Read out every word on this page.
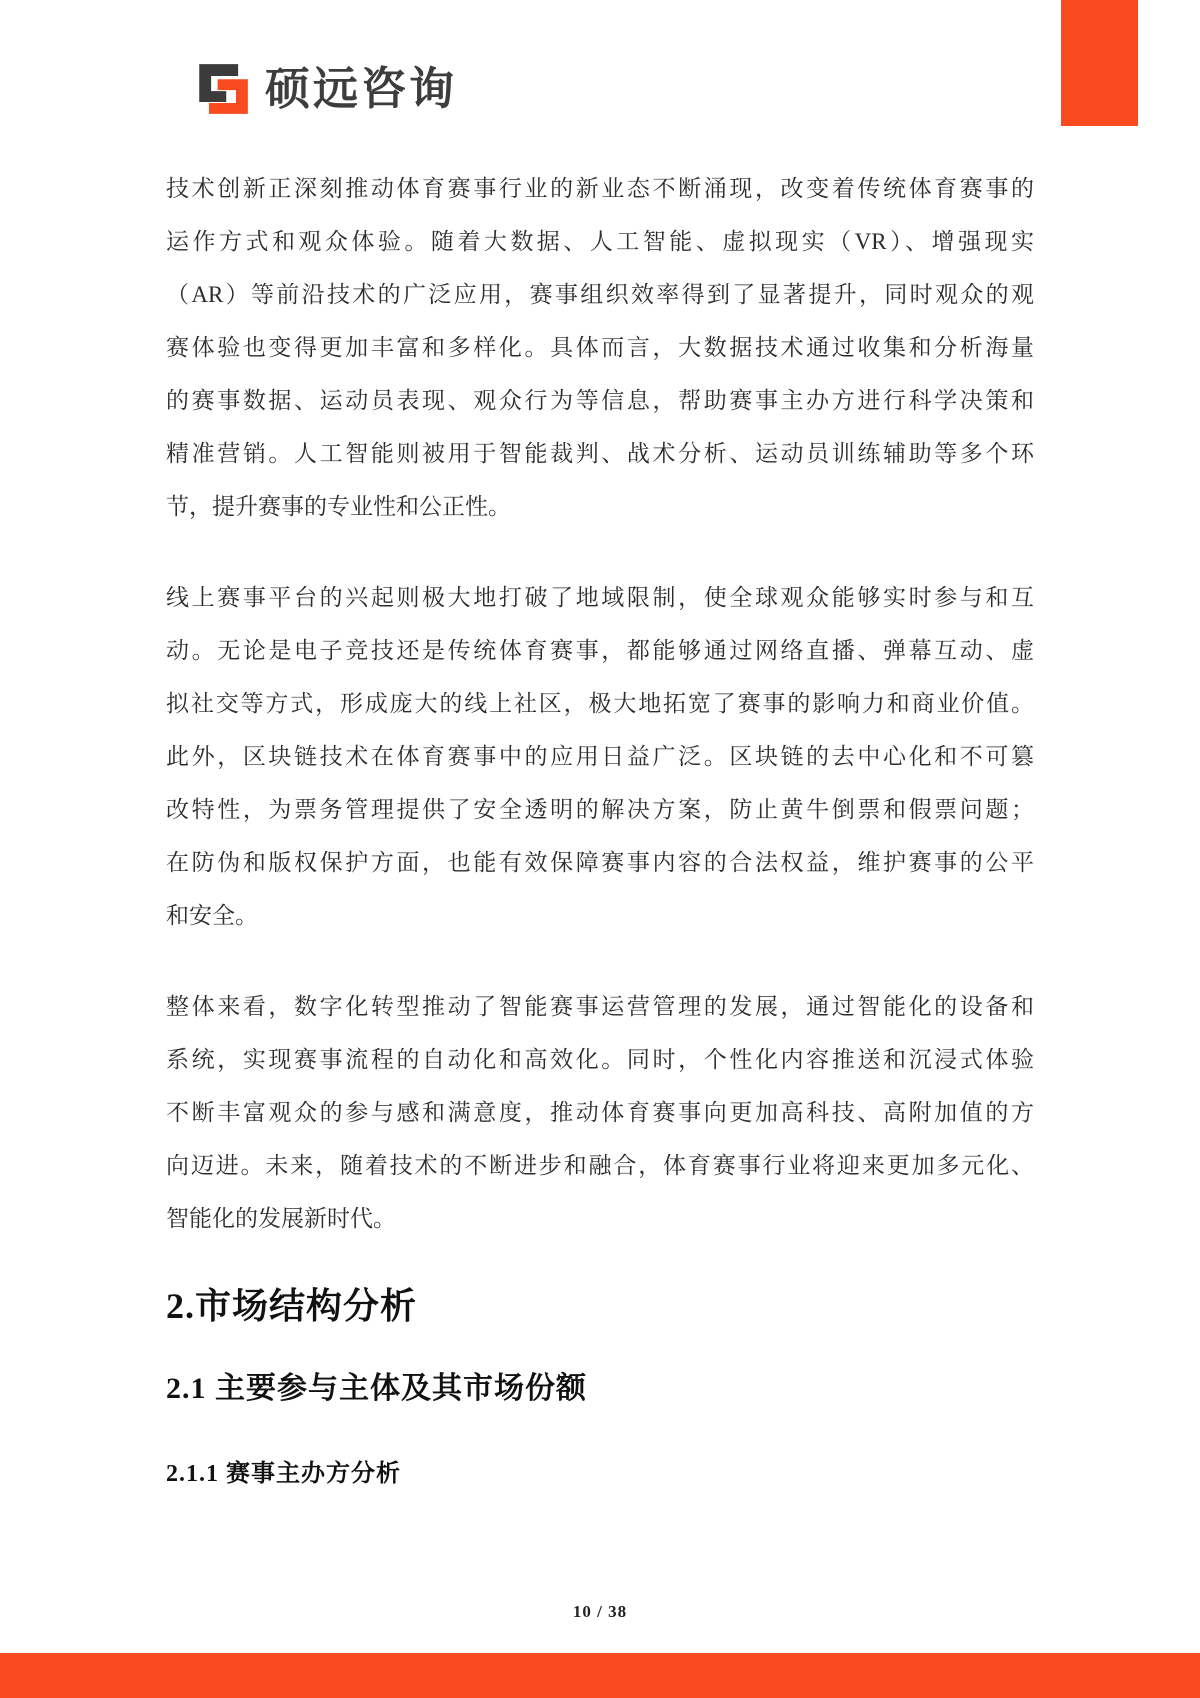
硕远咨询
技术创新正深刻推动体育赛事行业的新业态不断涌现，改变着传统体育赛事的
运作方式和观众体验。随着大数据、人工智能、虚拟现实（VR）、增强现实
（AR）等前沿技术的广泛应用，赛事组织效率得到了显著提升，同时观众的观
赛体验也变得更加丰富和多样化。具体而言，大数据技术通过收集和分析海量
的赛事数据、运动员表现、观众行为等信息，帮助赛事主办方进行科学决策和
精准营销。人工智能则被用于智能裁判、战术分析、运动员训练辅助等多个环
节，提升赛事的专业性和公正性。
线上赛事平台的兴起则极大地打破了地域限制，使全球观众能够实时参与和互
动。无论是电子竞技还是传统体育赛事，都能够通过网络直播、弹幕互动、虚
拟社交等方式，形成庞大的线上社区，极大地拓宽了赛事的影响力和商业价值。
此外，区块链技术在体育赛事中的应用日益广泛。区块链的去中心化和不可篡
改特性，为票务管理提供了安全透明的解决方案，防止黄牛倒票和假票问题；
在防伪和版权保护方面，也能有效保障赛事内容的合法权益，维护赛事的公平
和安全。
整体来看，数字化转型推动了智能赛事运营管理的发展，通过智能化的设备和
系统，实现赛事流程的自动化和高效化。同时，个性化内容推送和沉浸式体验
不断丰富观众的参与感和满意度，推动体育赛事向更加高科技、高附加值的方
向迈进。未来，随着技术的不断进步和融合，体育赛事行业将迎来更加多元化、
智能化的发展新时代。
2.市场结构分析
2.1 主要参与主体及其市场份额
2.1.1 赛事主办方分析
10 / 38
